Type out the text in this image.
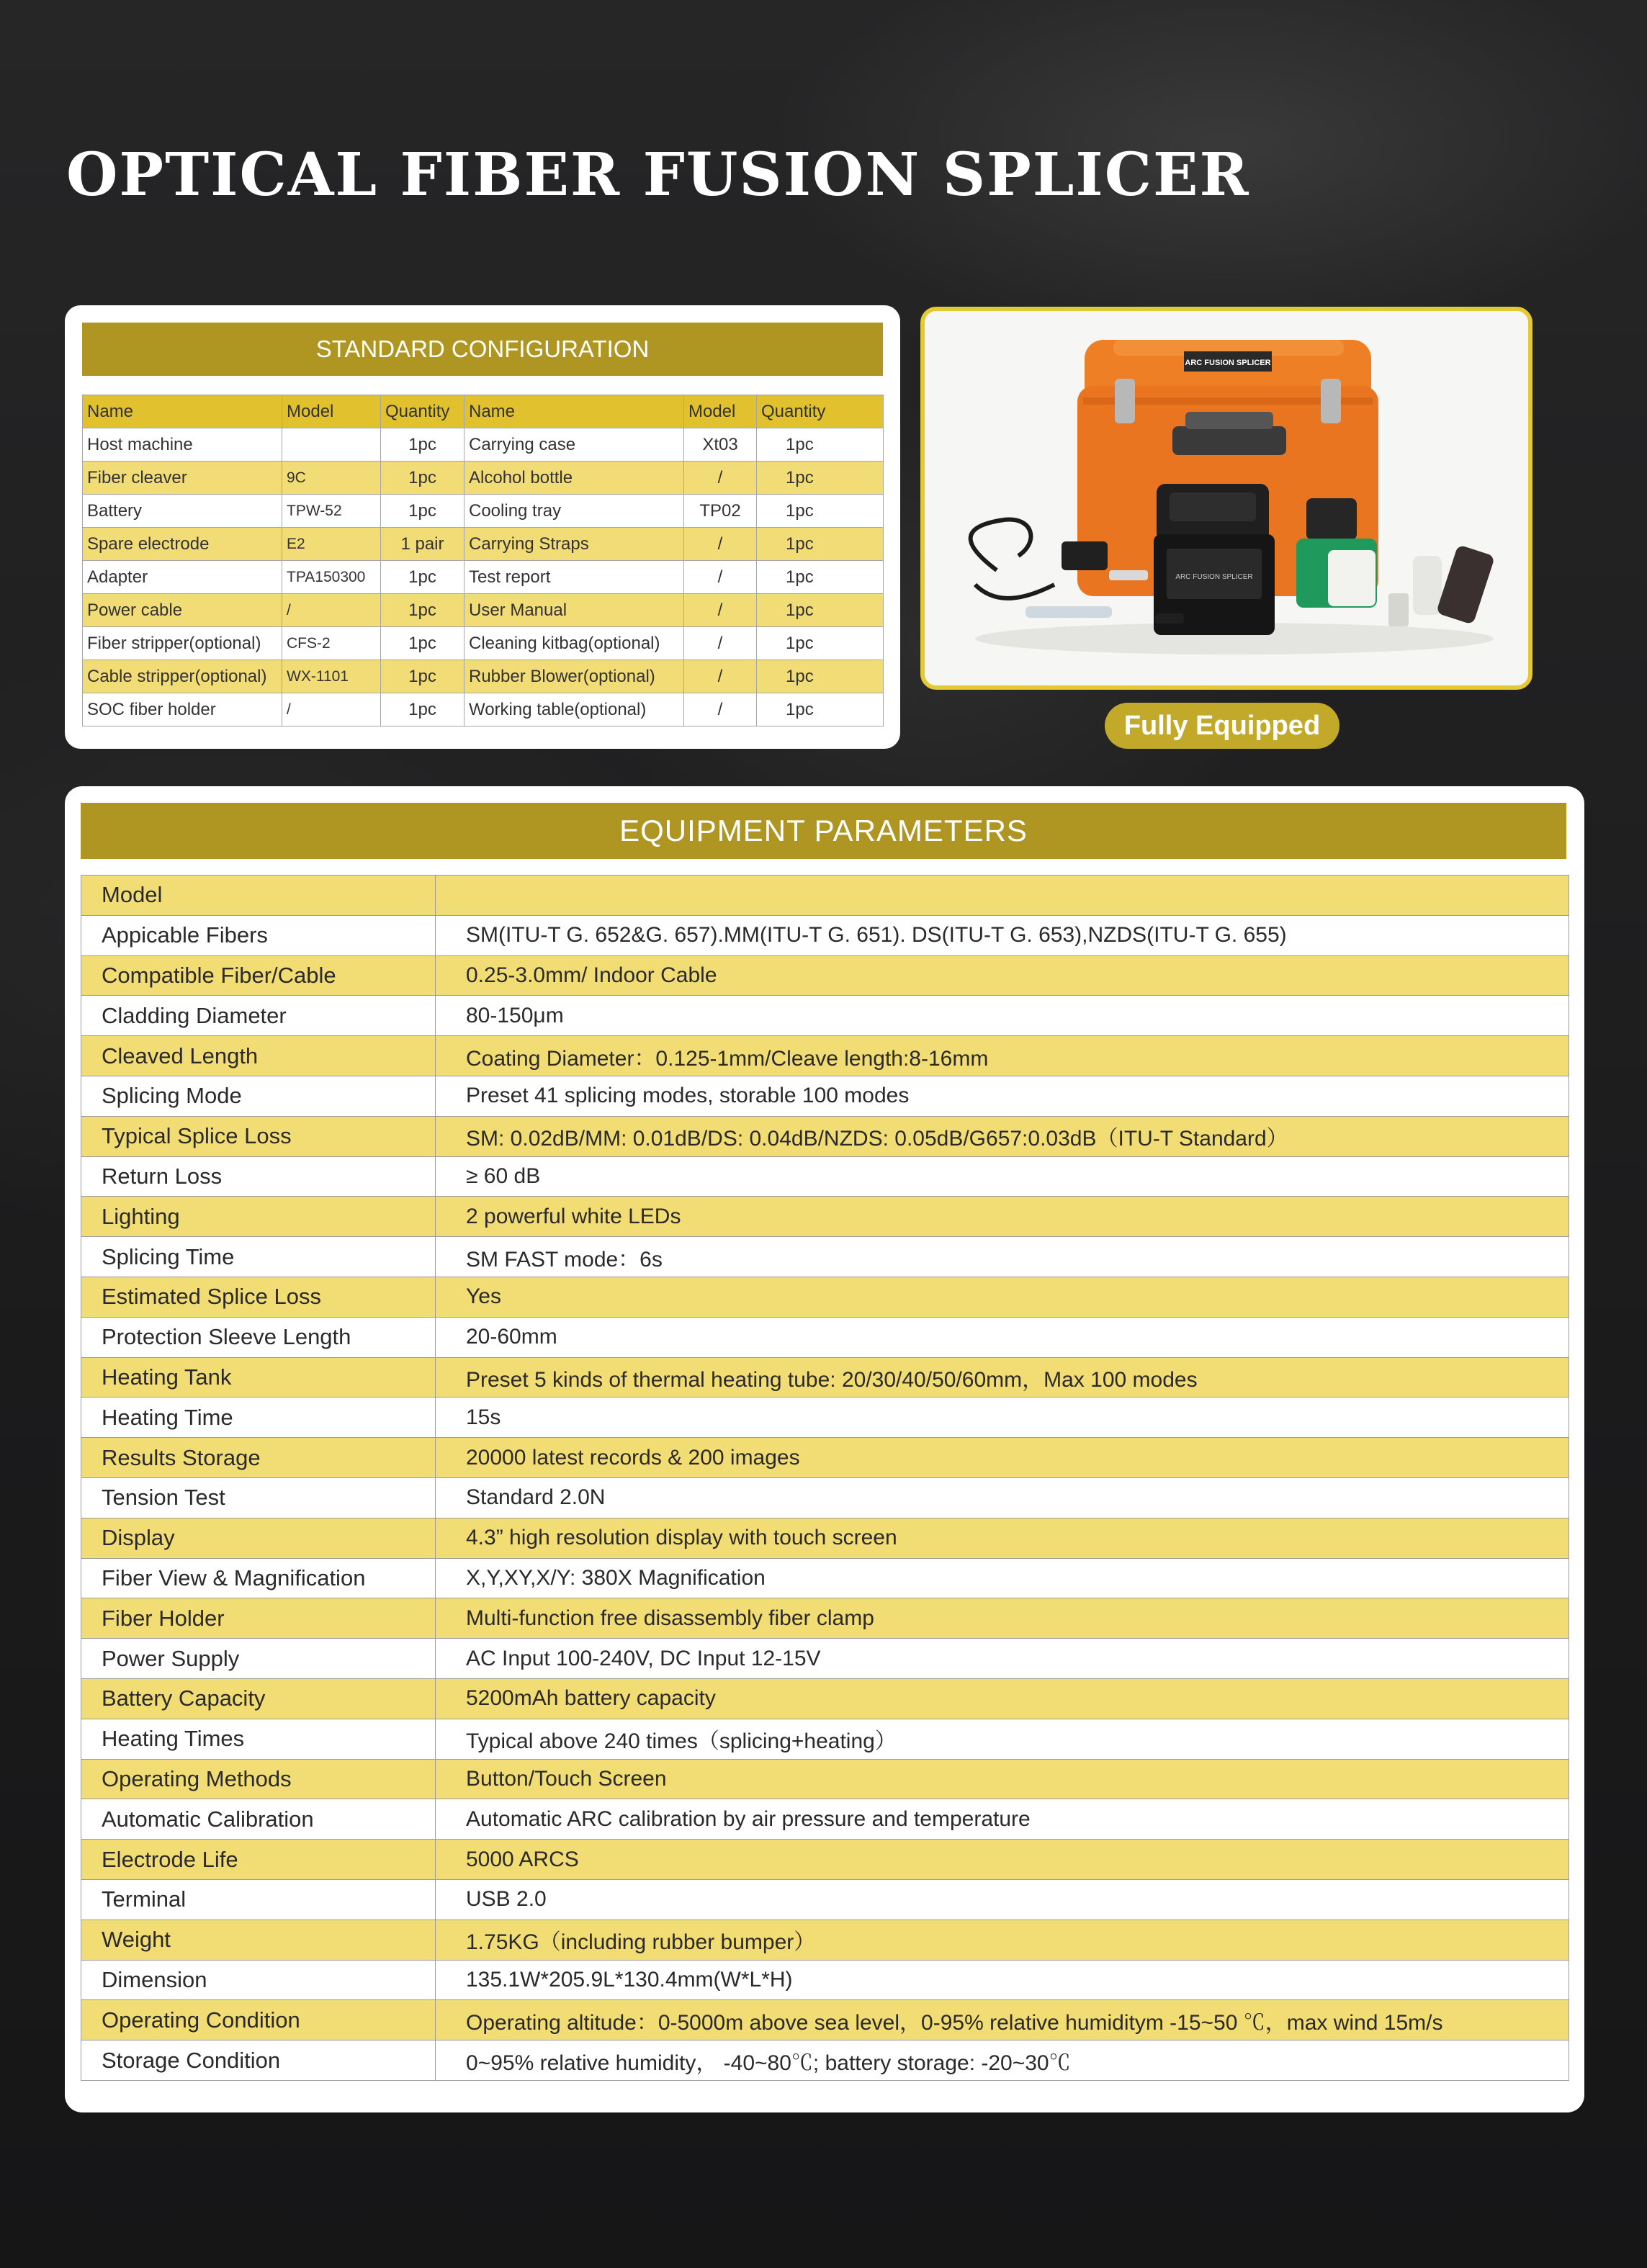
OPTICAL FIBER FUSION SPLICER
STANDARD CONFIGURATION
Name	Model	Quantity	Name	Model	Quantity
Host machine		1pc	Carrying case	Xt03	1pc
Fiber cleaver	9C	1pc	Alcohol bottle	/	1pc
Battery	TPW-52	1pc	Cooling tray	TP02	1pc
Spare electrode	E2	1 pair	Carrying Straps	/	1pc
Adapter	TPA150300	1pc	Test report	/	1pc
Power cable	/	1pc	User Manual	/	1pc
Fiber stripper(optional)	CFS-2	1pc	Cleaning kitbag(optional)	/	1pc
Cable stripper(optional)	WX-1101	1pc	Rubber Blower(optional)	/	1pc
SOC fiber holder	/	1pc	Working table(optional)	/	1pc
ARC FUSION SPLICER
ARC FUSION SPLICER
Fully Equipped
EQUIPMENT PARAMETERS
Model	
Appicable Fibers	SM(ITU-T G. 652&G. 657).MM(ITU-T G. 651). DS(ITU-T G. 653),NZDS(ITU-T G. 655)
Compatible Fiber/Cable	0.25-3.0mm/ Indoor Cable
Cladding Diameter	80-150μm
Cleaved Length	Coating Diameter：0.125-1mm/Cleave length:8-16mm
Splicing Mode	Preset 41 splicing modes, storable 100 modes
Typical Splice Loss	SM: 0.02dB/MM: 0.01dB/DS: 0.04dB/NZDS: 0.05dB/G657:0.03dB（ITU-T Standard）
Return Loss	≥ 60 dB
Lighting	2 powerful white LEDs
Splicing Time	SM FAST mode：6s
Estimated Splice Loss	Yes
Protection Sleeve Length	20-60mm
Heating Tank	Preset 5 kinds of thermal heating tube: 20/30/40/50/60mm，Max 100 modes
Heating Time	15s
Results Storage	20000 latest records & 200 images
Tension Test	Standard 2.0N
Display	4.3” high resolution display with touch screen
Fiber View & Magnification	X,Y,XY,X/Y: 380X Magnification
Fiber Holder	Multi-function free disassembly fiber clamp
Power Supply	AC Input 100-240V, DC Input 12-15V
Battery Capacity	5200mAh battery capacity
Heating Times	Typical above 240 times（splicing+heating）
Operating Methods	Button/Touch Screen
Automatic Calibration	Automatic ARC calibration by air pressure and temperature
Electrode Life	5000 ARCS
Terminal	USB 2.0
Weight	1.75KG（including rubber bumper）
Dimension	135.1W*205.9L*130.4mm(W*L*H)
Operating Condition	Operating altitude：0-5000m above sea level，0-95% relative humiditym -15~50 ℃，max wind 15m/s
Storage Condition	0~95% relative humidity， -40~80℃; battery storage: -20~30℃
